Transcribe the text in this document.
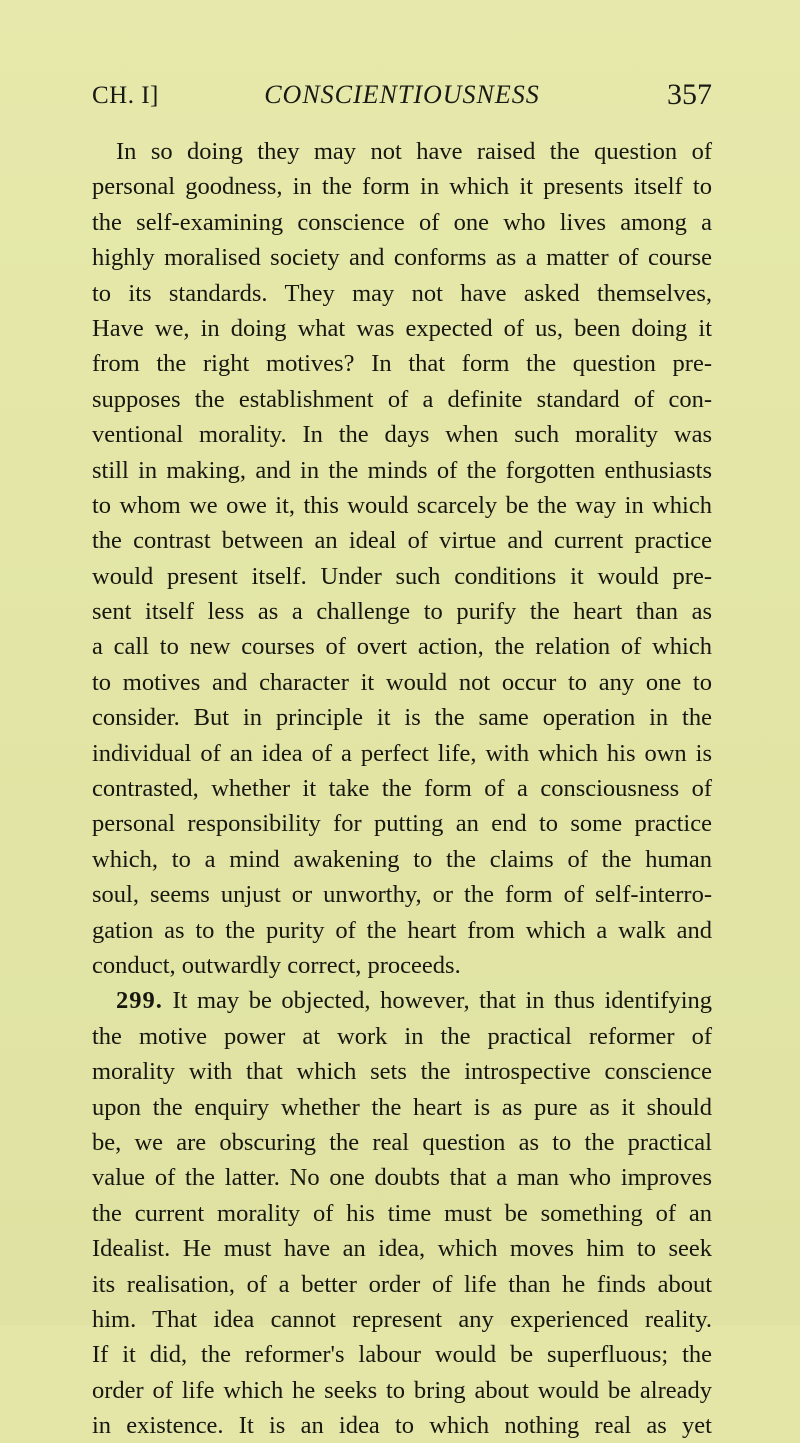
CH. I]	CONSCIENTIOUSNESS	357
In so doing they may not have raised the question of
personal goodness, in the form in which it presents itself to
the self-examining conscience of one who lives among a
highly moralised society and conforms as a matter of course
to its standards. They may not have asked themselves,
Have we, in doing what was expected of us, been doing it
from the right motives? In that form the question pre-
supposes the establishment of a definite standard of con-
ventional morality. In the days when such morality was
still in making, and in the minds of the forgotten enthusiasts
to whom we owe it, this would scarcely be the way in which
the contrast between an ideal of virtue and current practice
would present itself. Under such conditions it would pre-
sent itself less as a challenge to purify the heart than as
a call to new courses of overt action, the relation of which
to motives and character it would not occur to any one to
consider. But in principle it is the same operation in the
individual of an idea of a perfect life, with which his own is
contrasted, whether it take the form of a consciousness of
personal responsibility for putting an end to some practice
which, to a mind awakening to the claims of the human
soul, seems unjust or unworthy, or the form of self-interro-
gation as to the purity of the heart from which a walk and
conduct, outwardly correct, proceeds.
299. It may be objected, however, that in thus identifying
the motive power at work in the practical reformer of
morality with that which sets the introspective conscience
upon the enquiry whether the heart is as pure as it should
be, we are obscuring the real question as to the practical
value of the latter. No one doubts that a man who improves
the current morality of his time must be something of an
Idealist. He must have an idea, which moves him to seek
its realisation, of a better order of life than he finds about
him. That idea cannot represent any experienced reality.
If it did, the reformer's labour would be superfluous; the
order of life which he seeks to bring about would be already
in existence. It is an idea to which nothing real as yet
